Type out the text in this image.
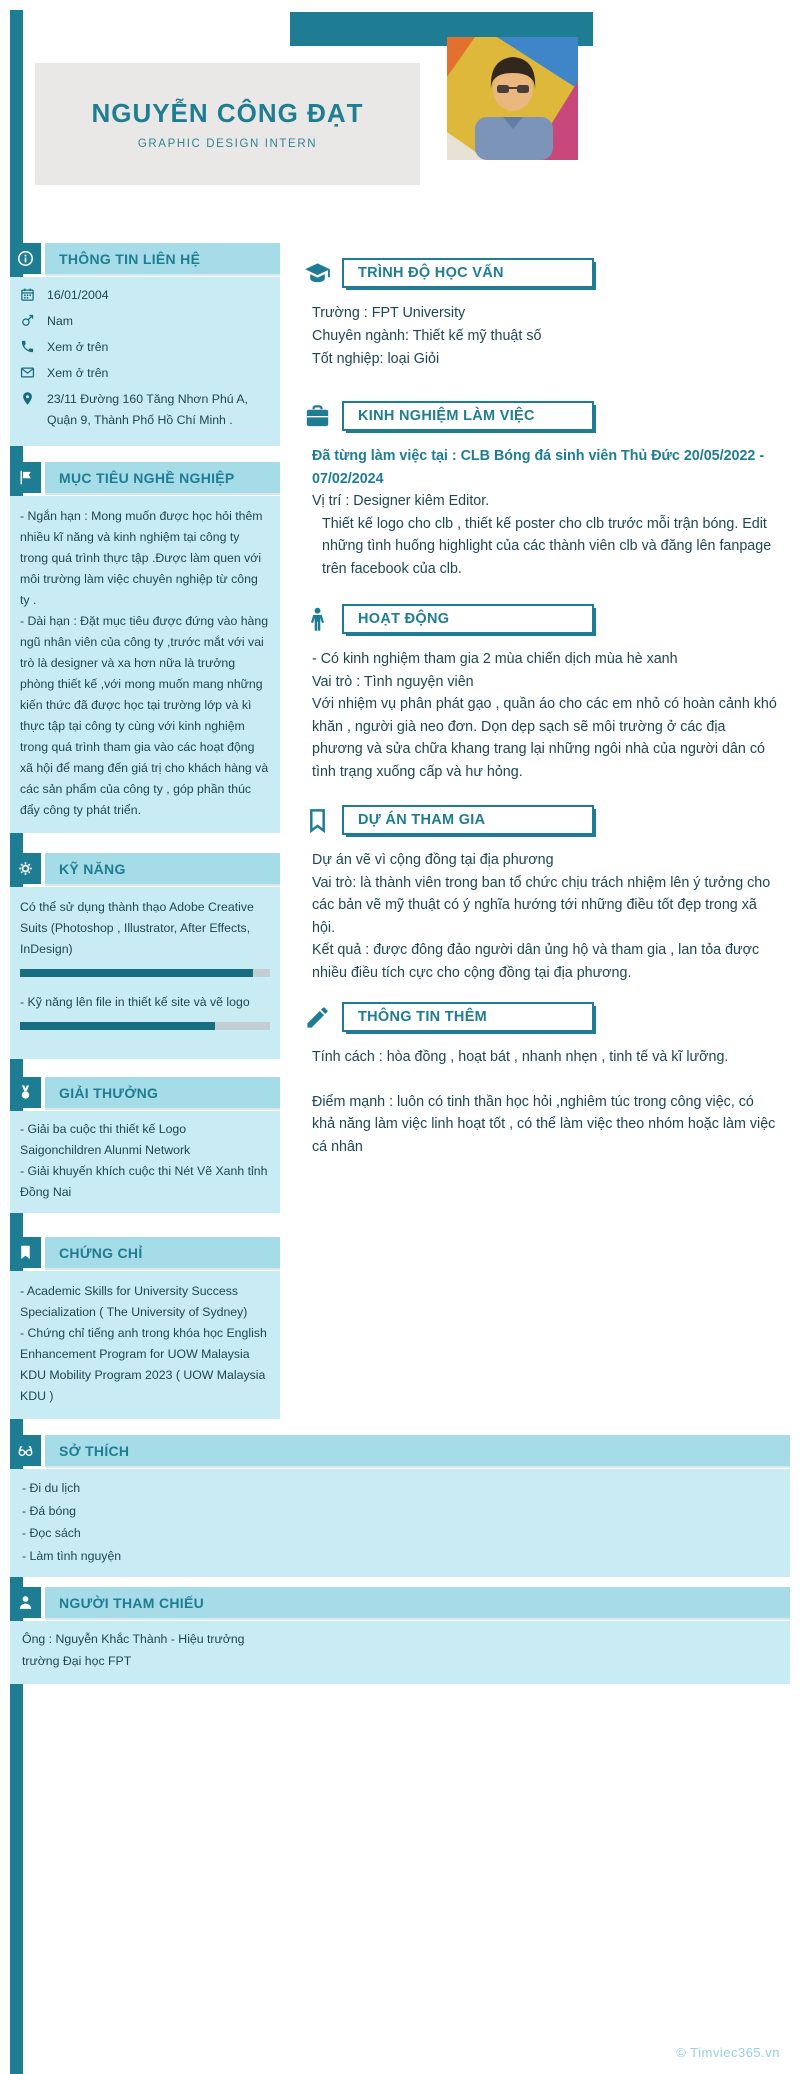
NGUYỄN CÔNG ĐẠT
GRAPHIC DESIGN INTERN
THÔNG TIN LIÊN HỆ
16/01/2004
Nam
Xem ở trên
Xem ở trên
23/11 Đường 160 Tăng Nhơn Phú A, Quận 9, Thành Phố Hồ Chí Minh .
MỤC TIÊU NGHỀ NGHIỆP

- Ngắn hạn : Mong muốn được học hỏi thêm nhiều kĩ năng và kinh nghiệm tại công ty trong quá trình thực tập .Được làm quen với môi trường làm việc chuyên nghiệp từ công ty .

- Dài hạn : Đặt mục tiêu được đứng vào hàng ngũ nhân viên của công ty ,trước mắt với vai trò là designer và xa hơn nữa là trưởng phòng thiết kế ,với mong muốn mang những kiến thức đã được học tại trường lớp và kì thực tập tại công ty cùng với kinh nghiệm trong quá trình tham gia vào các hoạt động xã hội để mang đến giá trị cho khách hàng và các sản phẩm của công ty , góp phần thúc đẩy công ty phát triển.

KỸ NĂNG

Có thể sử dụng thành thạo Adobe Creative Suits (Photoshop , Illustrator, After Effects, InDesign)

- Kỹ năng lên file in thiết kế site và vẽ logo

GIẢI THƯỞNG

- Giải ba cuộc thi thiết kế Logo Saigonchildren Alunmi Network

- Giải khuyến khích cuộc thi Nét Vẽ Xanh tỉnh Đồng Nai

CHỨNG CHỈ

- Academic Skills for University Success Specialization ( The University of Sydney)

- Chứng chỉ tiếng anh trong khóa học English Enhancement Program for UOW Malaysia KDU Mobility Program 2023 ( UOW Malaysia KDU )

TRÌNH ĐỘ HỌC VẤN

Trường : FPT University

Chuyên ngành: Thiết kế mỹ thuật số

Tốt nghiệp: loại Giỏi

KINH NGHIỆM LÀM VIỆC

Đã từng làm việc tại : CLB Bóng đá sinh viên Thủ Đức 20/05/2022 - 07/02/2024

Vị trí : Designer kiêm Editor.

Thiết kế logo cho clb , thiết kế poster cho clb trước mỗi trận bóng. Edit những tình huống highlight của các thành viên clb và đăng lên fanpage trên facebook của clb.

HOẠT ĐỘNG

- Có kinh nghiệm tham gia 2 mùa chiến dịch mùa hè xanh

Vai trò : Tình nguyện viên

Với nhiệm vụ phân phát gạo , quần áo cho các em nhỏ có hoàn cảnh khó khăn , người già neo đơn. Dọn dẹp sạch sẽ môi trường ở các địa phương và sửa chữa khang trang lại những ngôi nhà của người dân có tình trạng xuống cấp và hư hỏng.

DỰ ÁN THAM GIA

Dự án vẽ vì cộng đồng tại địa phương

Vai trò: là thành viên trong ban tổ chức chịu trách nhiệm lên ý tưởng cho các bản vẽ mỹ thuật có ý nghĩa hướng tới những điều tốt đẹp trong xã hội.

Kết quả : được đông đảo người dân ủng hộ và tham gia , lan tỏa được nhiều điều tích cực cho cộng đồng tại địa phương.

THÔNG TIN THÊM

Tính cách : hòa đồng , hoạt bát , nhanh nhẹn , tinh tế và kĩ lưỡng.

Điểm mạnh : luôn có tinh thần học hỏi ,nghiêm túc trong công việc, có khả năng làm việc linh hoạt tốt , có thể làm việc theo nhóm hoặc làm việc cá nhân

SỞ THÍCH

- Đi du lịch

- Đá bóng

- Đọc sách

- Làm tình nguyện

NGƯỜI THAM CHIẾU

Ông : Nguyễn Khắc Thành - Hiệu trưởng trường Đại học FPT

© Timviec365.vn
